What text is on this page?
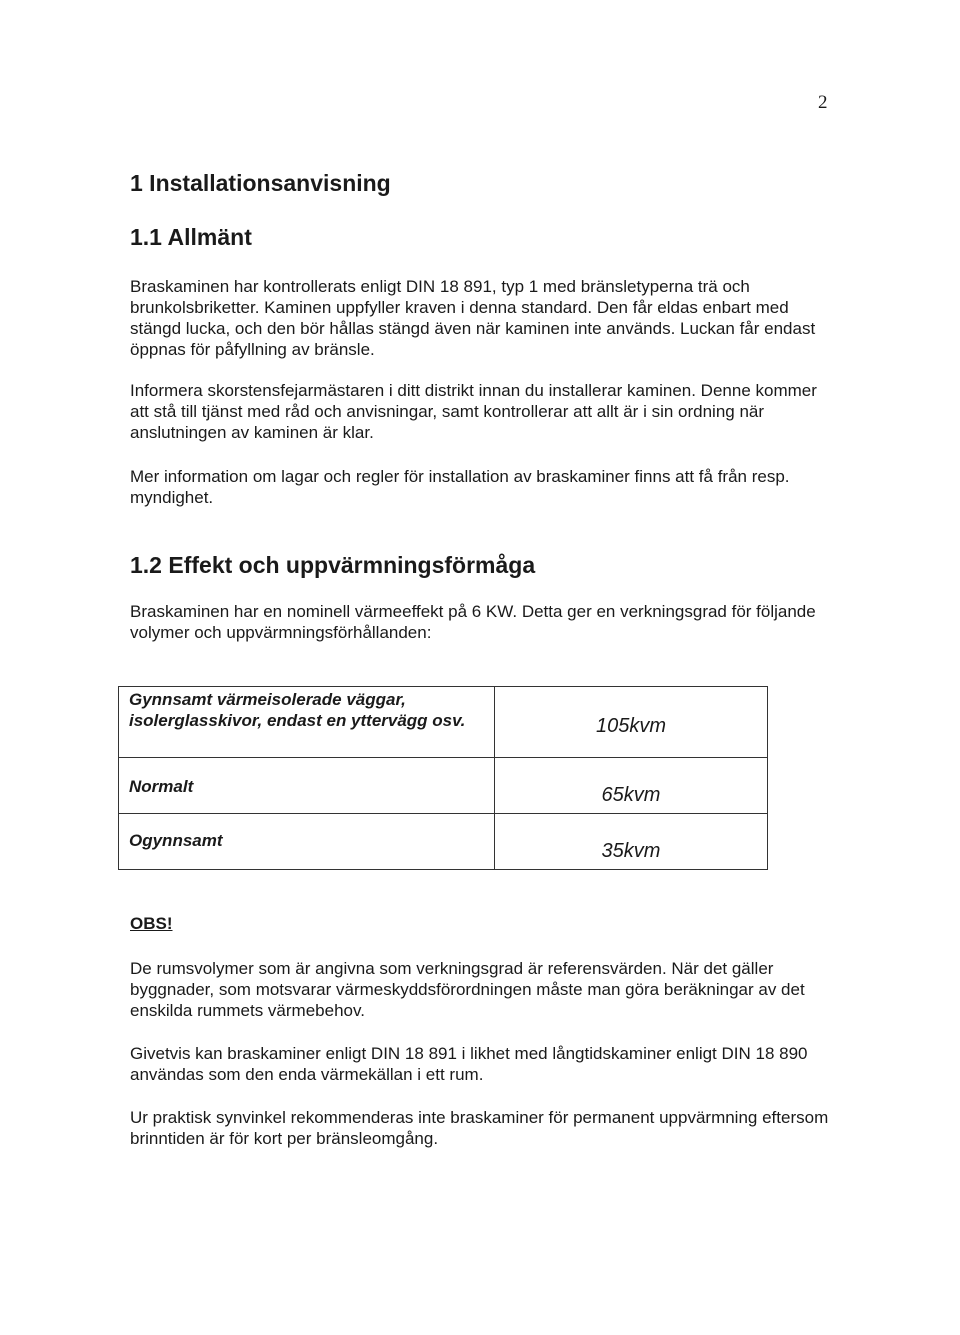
2
1 Installationsanvisning
1.1 Allmänt

Braskaminen har kontrollerats enligt DIN 18 891, typ 1 med bränsletyperna trä och brunkolsbriketter. Kaminen uppfyller kraven i denna standard. Den får eldas enbart med stängd lucka, och den bör hållas stängd även när kaminen inte används. Luckan får endast öppnas för påfyllning av bränsle.

Informera skorstensfejarmästaren i ditt distrikt innan du installerar kaminen. Denne kommer att stå till tjänst med råd och anvisningar, samt kontrollerar att allt är i sin ordning när anslutningen av kaminen är klar.

Mer information om lagar och regler för installation av braskaminer finns att få från resp. myndighet.

1.2 Effekt och uppvärmningsförmåga

Braskaminen har en nominell värmeeffekt på 6 KW. Detta ger en verkningsgrad för följande volymer och uppvärmningsförhållanden:

Gynnsamt värmeisolerade väggar, isolerglasskivor, endast en yttervägg osv.	105kvm
Normalt	65kvm
Ogynnsamt	35kvm

OBS!

De rumsvolymer som är angivna som verkningsgrad är referensvärden. När det gäller byggnader, som motsvarar värmeskyddsförordningen måste man göra beräkningar av det enskilda rummets värmebehov.

Givetvis kan braskaminer enligt DIN 18 891 i likhet med långtidskaminer enligt DIN 18 890 användas som den enda värmekällan i ett rum.

Ur praktisk synvinkel rekommenderas inte braskaminer för permanent uppvärmning eftersom brinntiden är för kort per bränsleomgång.
